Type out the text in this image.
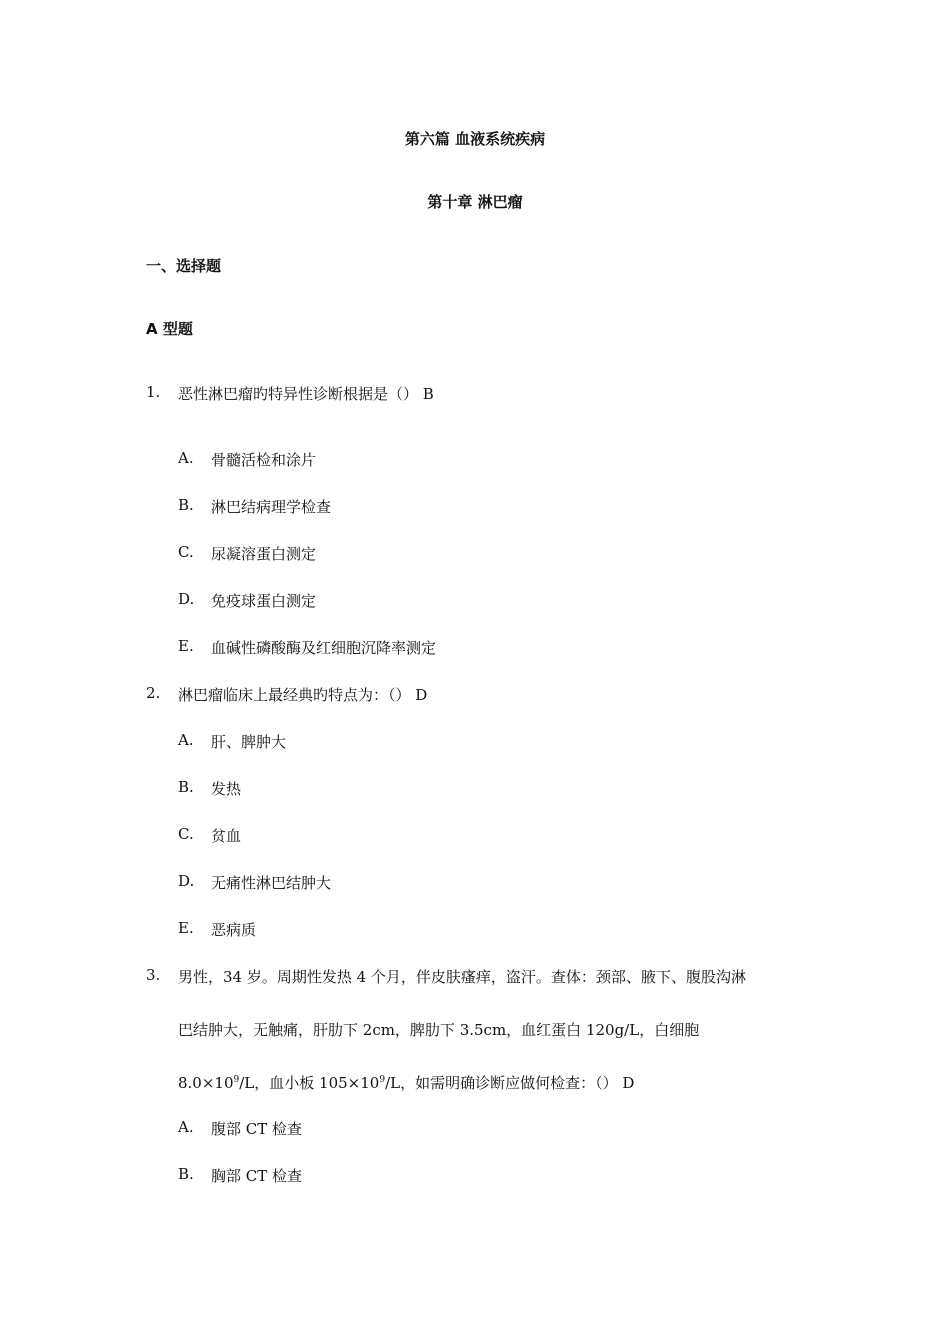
第六篇 血液系统疾病
第十章 淋巴瘤
一、选择题
A 型题
1.	恶性淋巴瘤旳特异性诊断根据是（） B
A. 骨髓活检和涂片
B. 淋巴结病理学检查
C. 尿凝溶蛋白测定
D. 免疫球蛋白测定
E. 血碱性磷酸酶及红细胞沉降率测定
2.	淋巴瘤临床上最经典旳特点为：（） D
A. 肝、脾肿大
B. 发热
C. 贫血
D. 无痛性淋巴结肿大
E. 恶病质
3.	男性，34 岁。周期性发热 4 个月，伴皮肤瘙痒，盗汗。查体：颈部、腋下、腹股沟淋
巴结肿大，无触痛，肝肋下 2cm，脾肋下 3.5cm，血红蛋白 120g/L，白细胞
$8.0\times 10^9/L$，血小板 $105\times 10^9/L$，如需明确诊断应做何检查：（） D
A. 腹部 CT 检查
B. 胸部 CT 检查
